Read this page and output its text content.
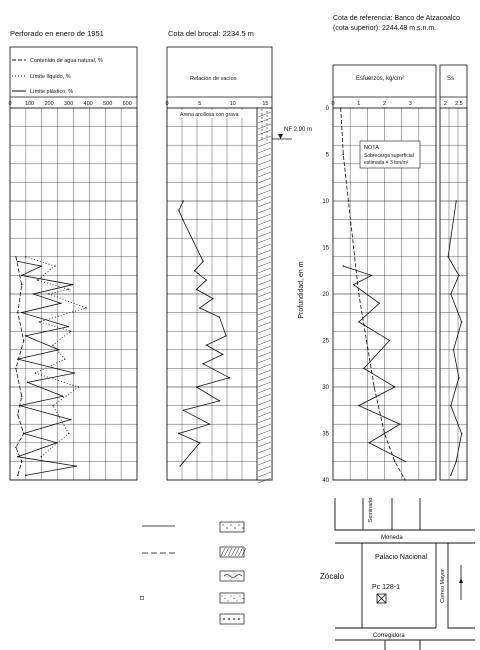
Perforado en enero de 1951	Cota del brocal: 2234.5 m
Cota de referencia: Banco de Atzacoalco
(cota superior): 2244.48 m.s.n.m.
Contenido de agua natural, %
Límite líquido, %
Límite plástico, %
0 100 200 300 400 500 600
Relación de vacíos
Arena arcillosa con grava
0	5	10	15
NF 2.90 m
Esfuerzos, kg/cm²
0	1	2	3
0
5
10
15
20
25
30
35
40
Profundidad, en m
NOTA
Sobrecarga superficial
estimada = 3 ton/m²
Ss
2 2.5
⌑
Seminario
Moneda
Palacio Nacional
Zócalo	Correo Mayor
Pc 128-1
Corregidora
